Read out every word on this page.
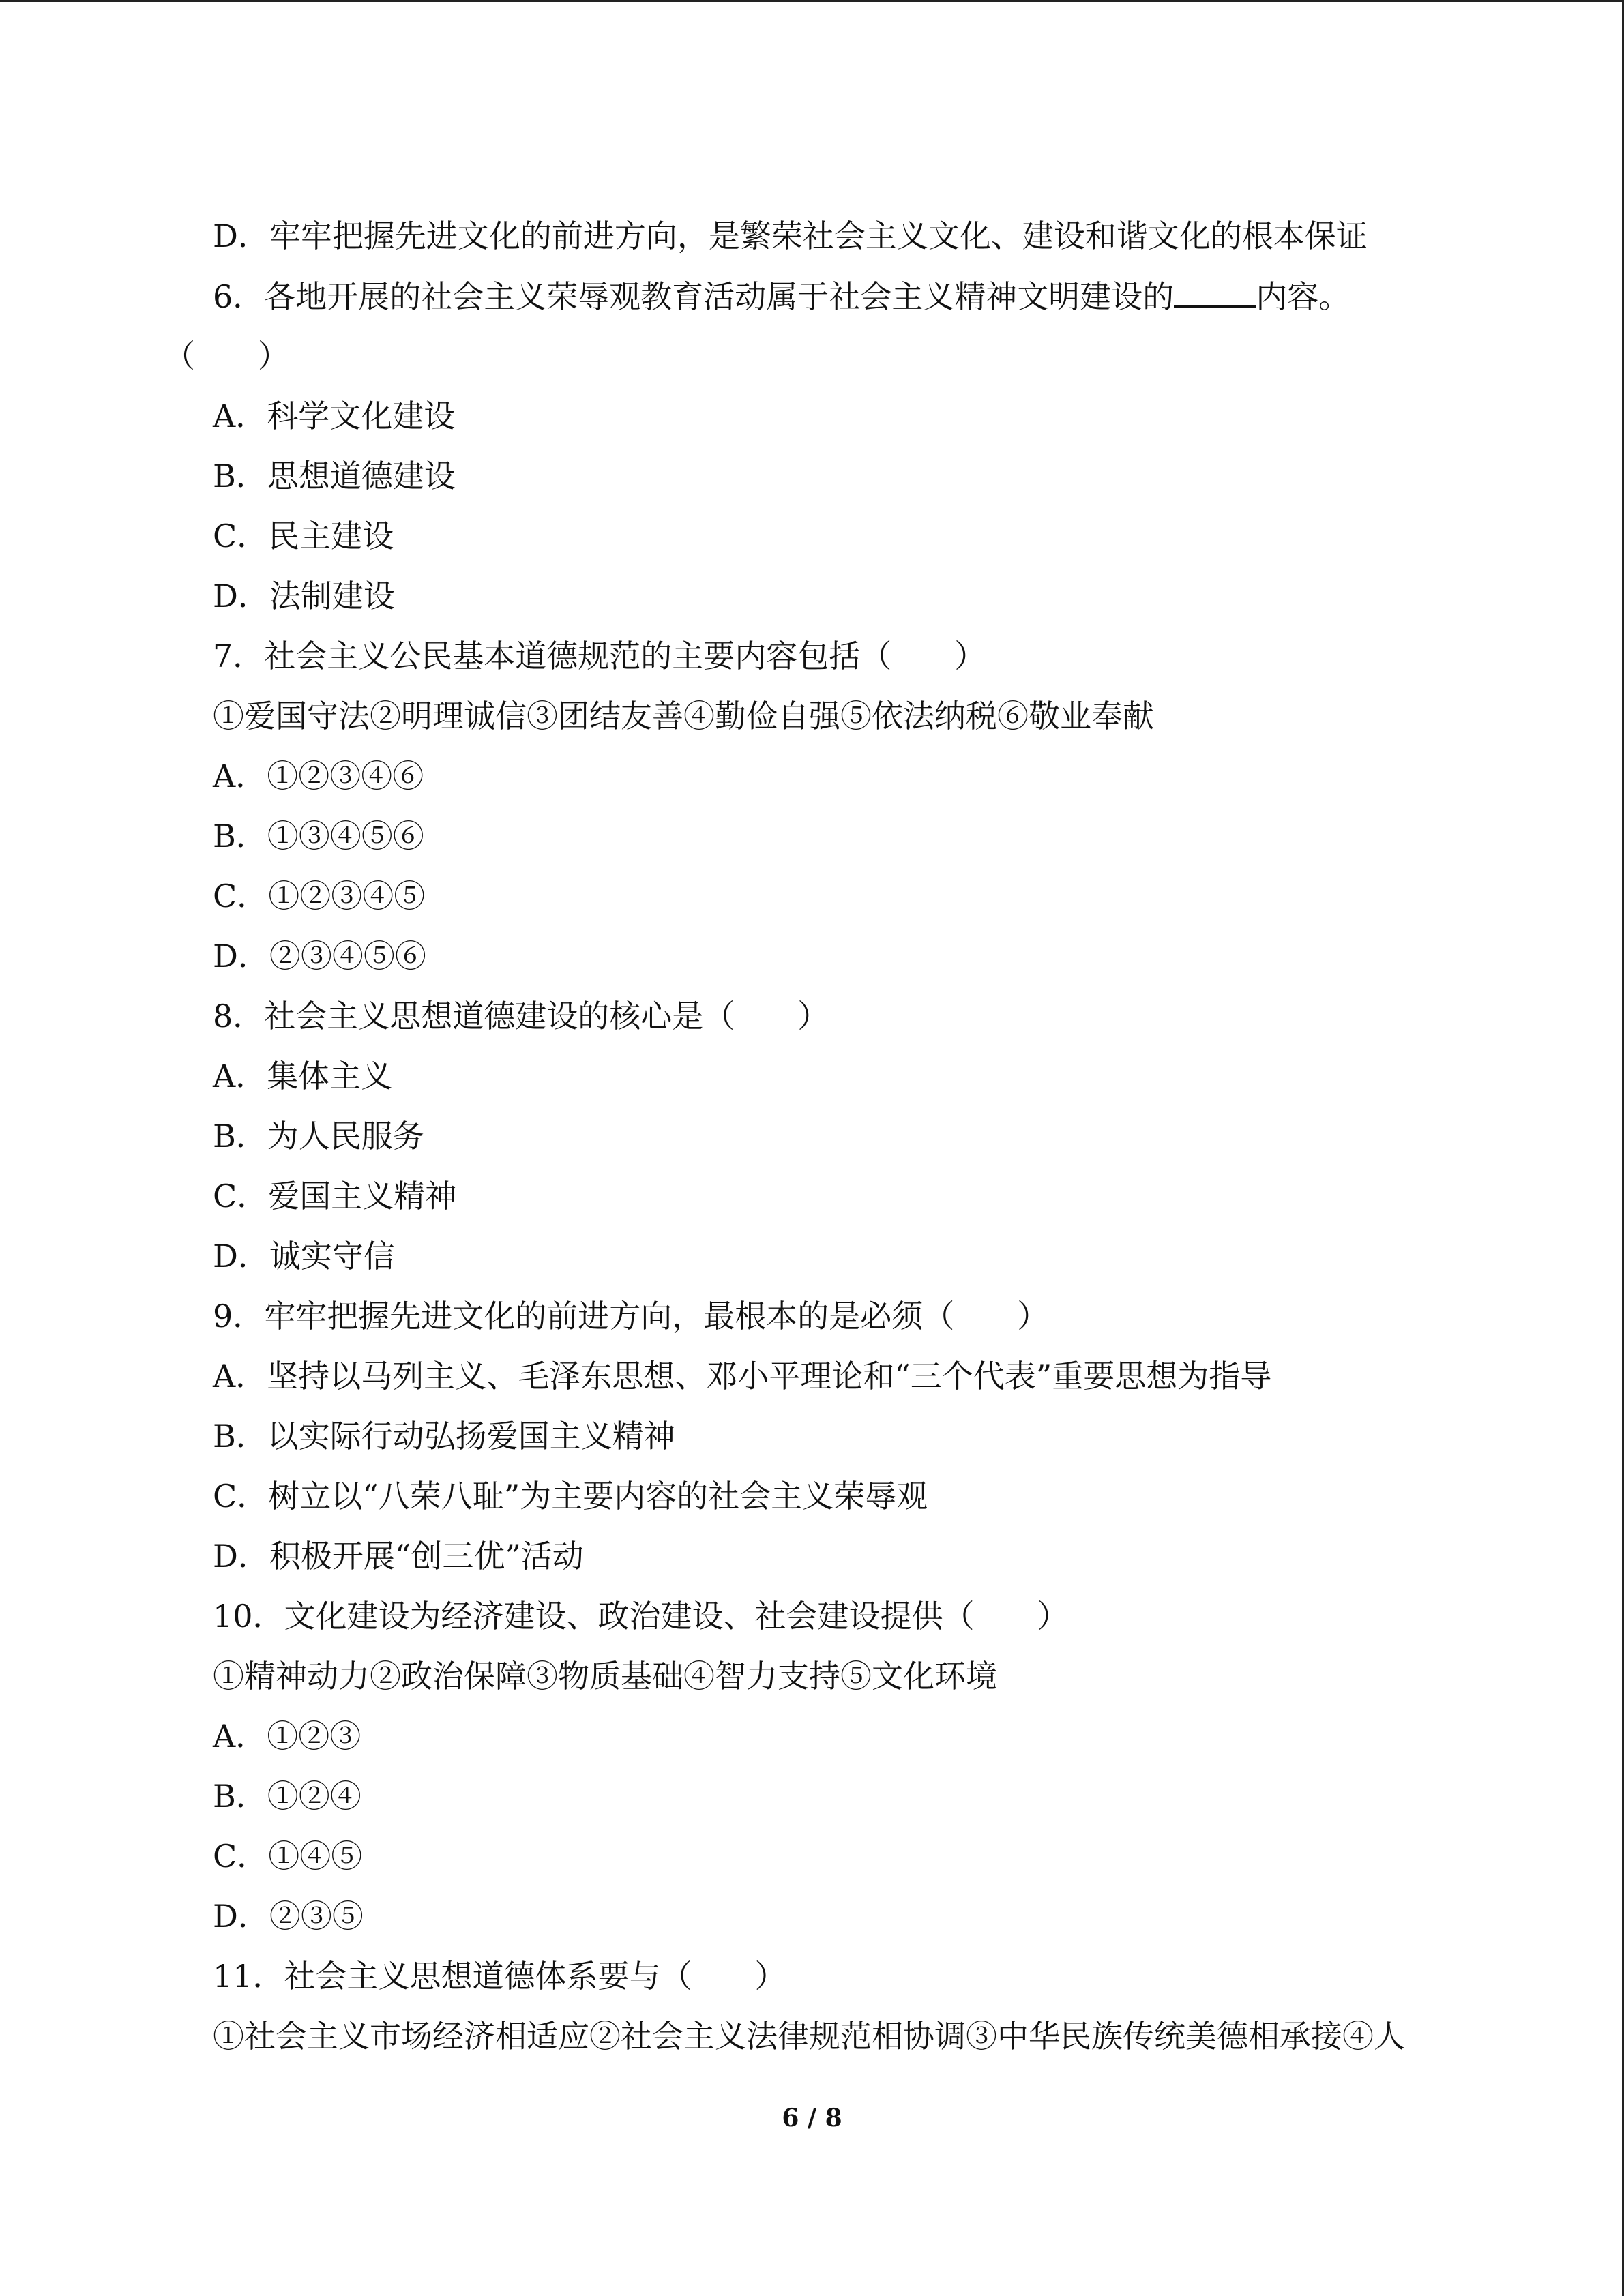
D．牢牢把握先进文化的前进方向，是繁荣社会主义文化、建设和谐文化的根本保证
6．各地开展的社会主义荣辱观教育活动属于社会主义精神文明建设的	内容。
（　　）
A．科学文化建设
B．思想道德建设
C．民主建设
D．法制建设
7．社会主义公民基本道德规范的主要内容包括（　　）
①爱国守法②明理诚信③团结友善④勤俭自强⑤依法纳税⑥敬业奉献
A．①②③④⑥
B．①③④⑤⑥
C．①②③④⑤
D．②③④⑤⑥
8．社会主义思想道德建设的核心是（　　）
A．集体主义
B．为人民服务
C．爱国主义精神
D．诚实守信
9．牢牢把握先进文化的前进方向，最根本的是必须（　　）
A．坚持以马列主义、毛泽东思想、邓小平理论和“三个代表”重要思想为指导
B．以实际行动弘扬爱国主义精神
C．树立以“八荣八耻”为主要内容的社会主义荣辱观
D．积极开展“创三优”活动
10．文化建设为经济建设、政治建设、社会建设提供（　　）
①精神动力②政治保障③物质基础④智力支持⑤文化环境
A．①②③
B．①②④
C．①④⑤
D．②③⑤
11．社会主义思想道德体系要与（　　）
①社会主义市场经济相适应②社会主义法律规范相协调③中华民族传统美德相承接④人
6 / 8
